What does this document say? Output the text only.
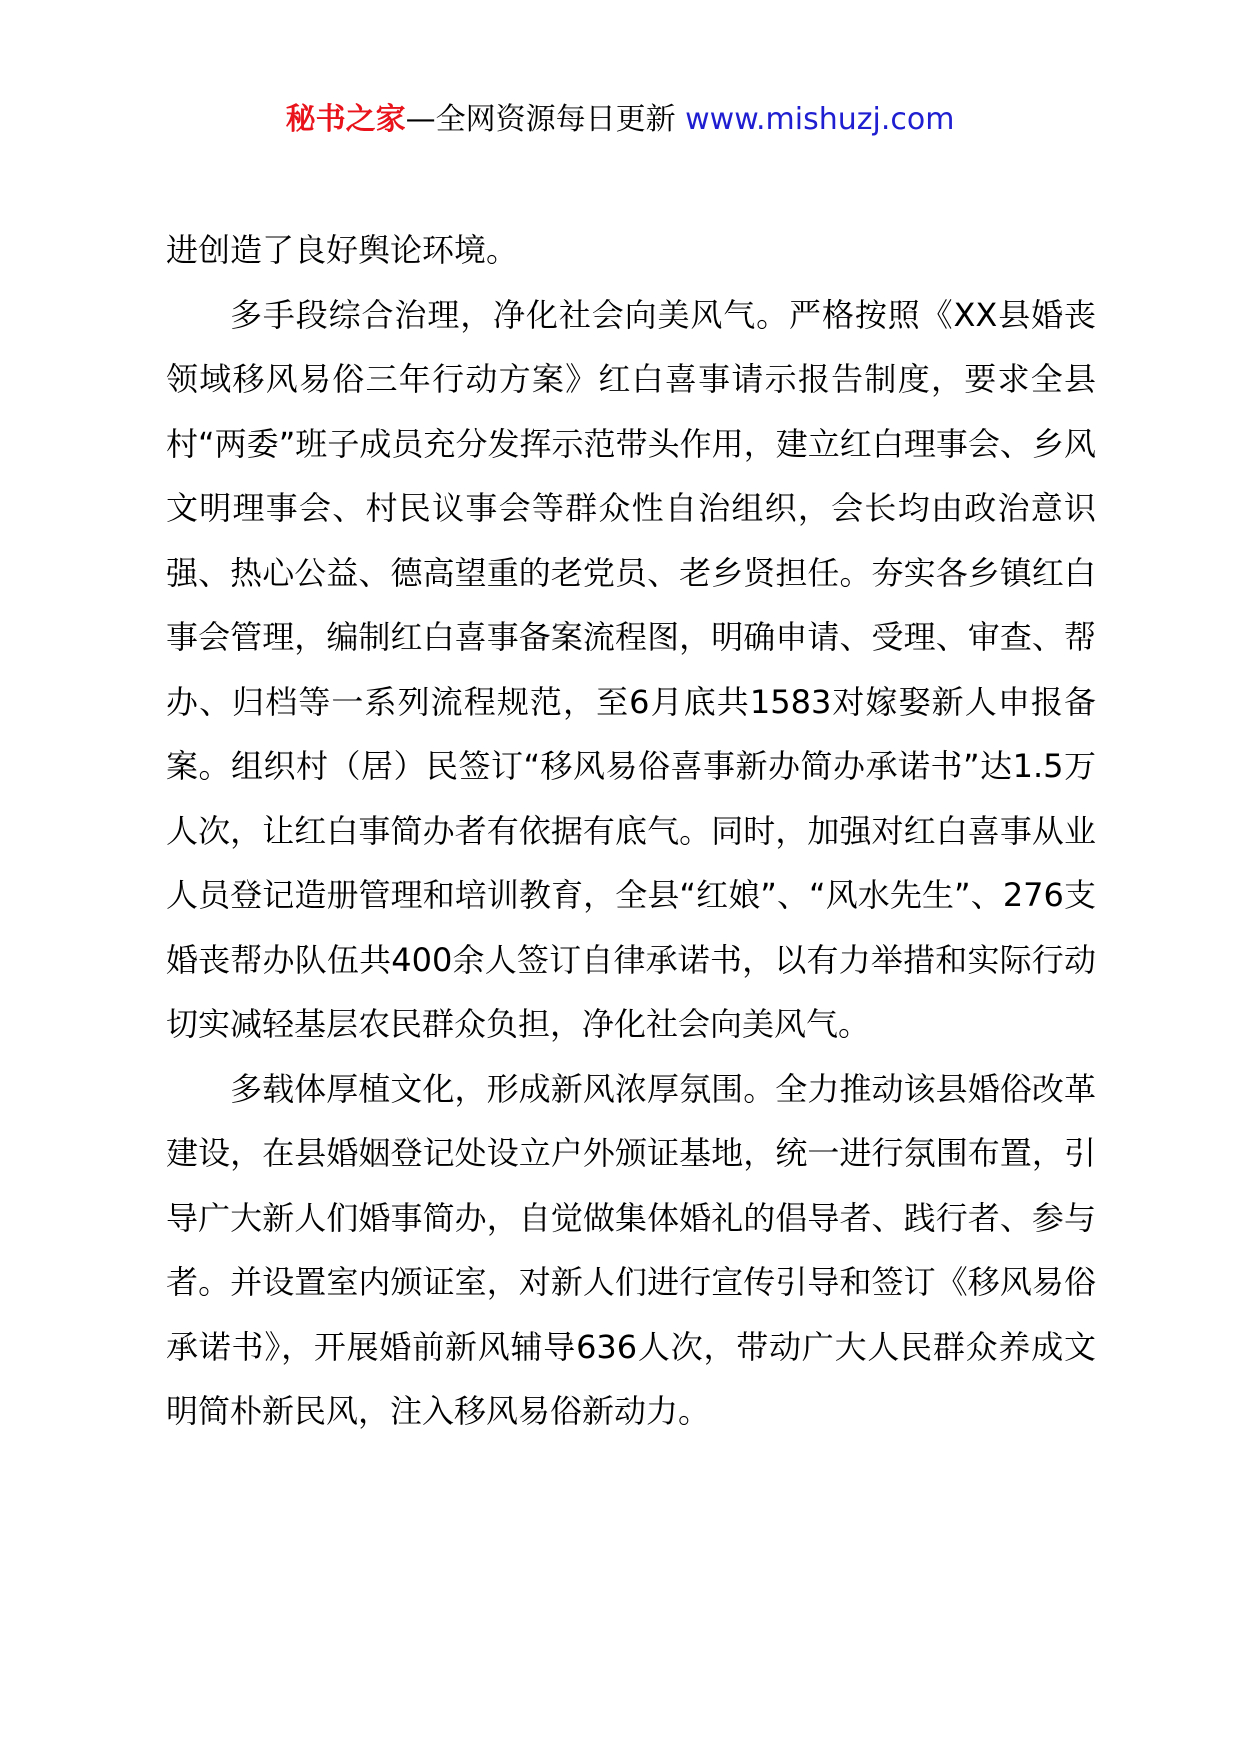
秘书之家—全网资源每日更新 www.mishuzj.com

进创造了良好舆论环境。

多手段综合治理，净化社会向美风气。严格按照《XX县婚丧领域移风易俗三年行动方案》红白喜事请示报告制度，要求全县村“两委”班子成员充分发挥示范带头作用，建立红白理事会、乡风文明理事会、村民议事会等群众性自治组织，会长均由政治意识强、热心公益、德高望重的老党员、老乡贤担任。夯实各乡镇红白事会管理，编制红白喜事备案流程图，明确申请、受理、审查、帮办、归档等一系列流程规范，至6月底共1583对嫁娶新人申报备案。组织村（居）民签订“移风易俗喜事新办简办承诺书”达1.5万人次，让红白事简办者有依据有底气。同时，加强对红白喜事从业人员登记造册管理和培训教育，全县“红娘”、“风水先生”、276支婚丧帮办队伍共400余人签订自律承诺书，以有力举措和实际行动切实减轻基层农民群众负担，净化社会向美风气。

多载体厚植文化，形成新风浓厚氛围。全力推动该县婚俗改革建设，在县婚姻登记处设立户外颁证基地，统一进行氛围布置，引导广大新人们婚事简办，自觉做集体婚礼的倡导者、践行者、参与者。并设置室内颁证室，对新人们进行宣传引导和签订《移风易俗承诺书》，开展婚前新风辅导636人次，带动广大人民群众养成文明简朴新民风，注入移风易俗新动力。
